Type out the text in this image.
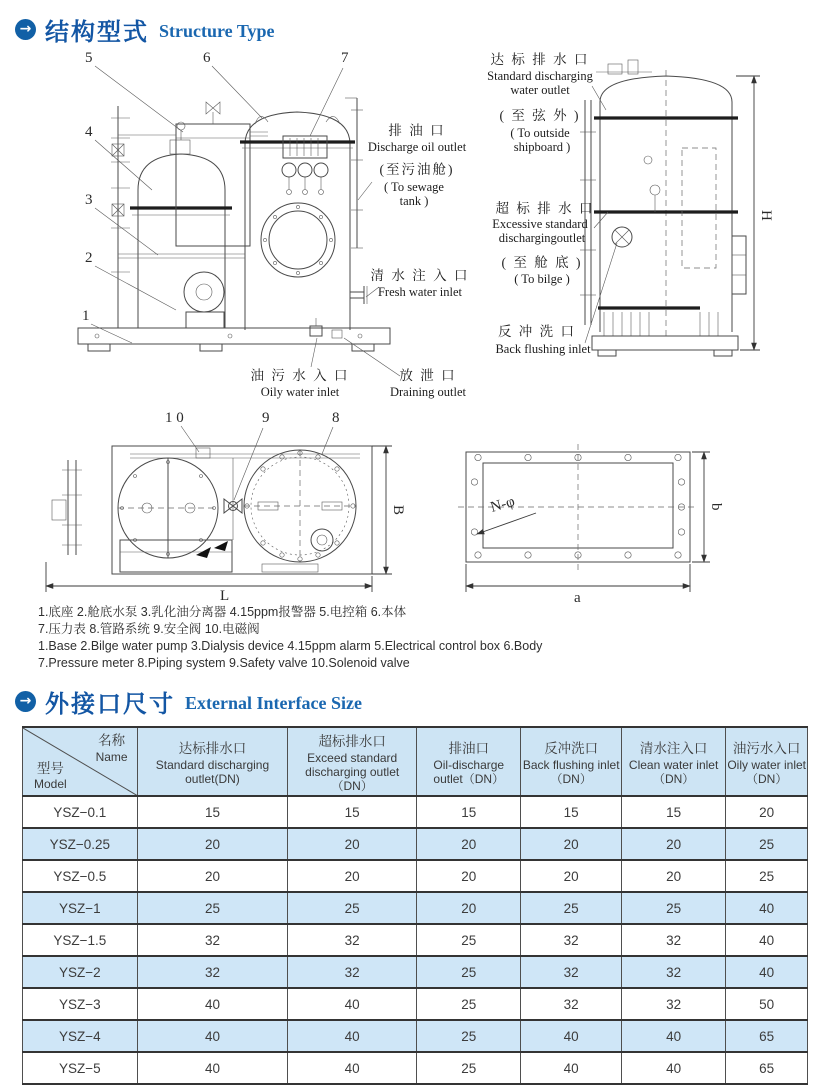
→ 结构型式 Structure Type
5	6	7
4
3
2
1
排 油 口
Discharge oil outlet
(至污油舱)
( To sewage
tank )
清 水 注 入 口
Fresh water inlet
油 污 水 入 口
Oily water inlet
放 泄 口
Draining outlet
H
达 标 排 水 口
Standard discharging
water outlet
( 至 弦 外 )
( To outside
shipboard )
超 标 排 水 口
Excessive standard
dischargingoutlet
( 至 舱 底 )
( To bilge )
反 冲 洗 口
Back flushing inlet
1 0	9	8
L
B	N-φ
a
b
1.底座 2.舱底水泵 3.乳化油分离器 4.15ppm报警器 5.电控箱 6.本体
7.压力表 8.管路系统 9.安全阀 10.电磁阀
1.Base 2.Bilge water pump 3.Dialysis device 4.15ppm alarm 5.Electrical control box 6.Body
7.Pressure meter 8.Piping system 9.Safety valve 10.Solenoid valve
→ 外接口尺寸 External Interface Size
名称
Name
型号
Model	达标排水口
Standard discharging outlet(DN)	超标排水口
Exceed standard discharging outlet（DN）	排油口
Oil-discharge outlet（DN）	反冲洗口
Back flushing inlet（DN）	清水注入口
Clean water inlet（DN）	油污水入口
Oily water inlet（DN）

YSZ−0.1	15	15	15	15	15	20
YSZ−0.25	20	20	20	20	20	25
YSZ−0.5	20	20	20	20	20	25
YSZ−1	25	25	20	25	25	40
YSZ−1.5	32	32	25	32	32	40
YSZ−2	32	32	25	32	32	40
YSZ−3	40	40	25	32	32	50
YSZ−4	40	40	25	40	40	65
YSZ−5	40	40	25	40	40	65
